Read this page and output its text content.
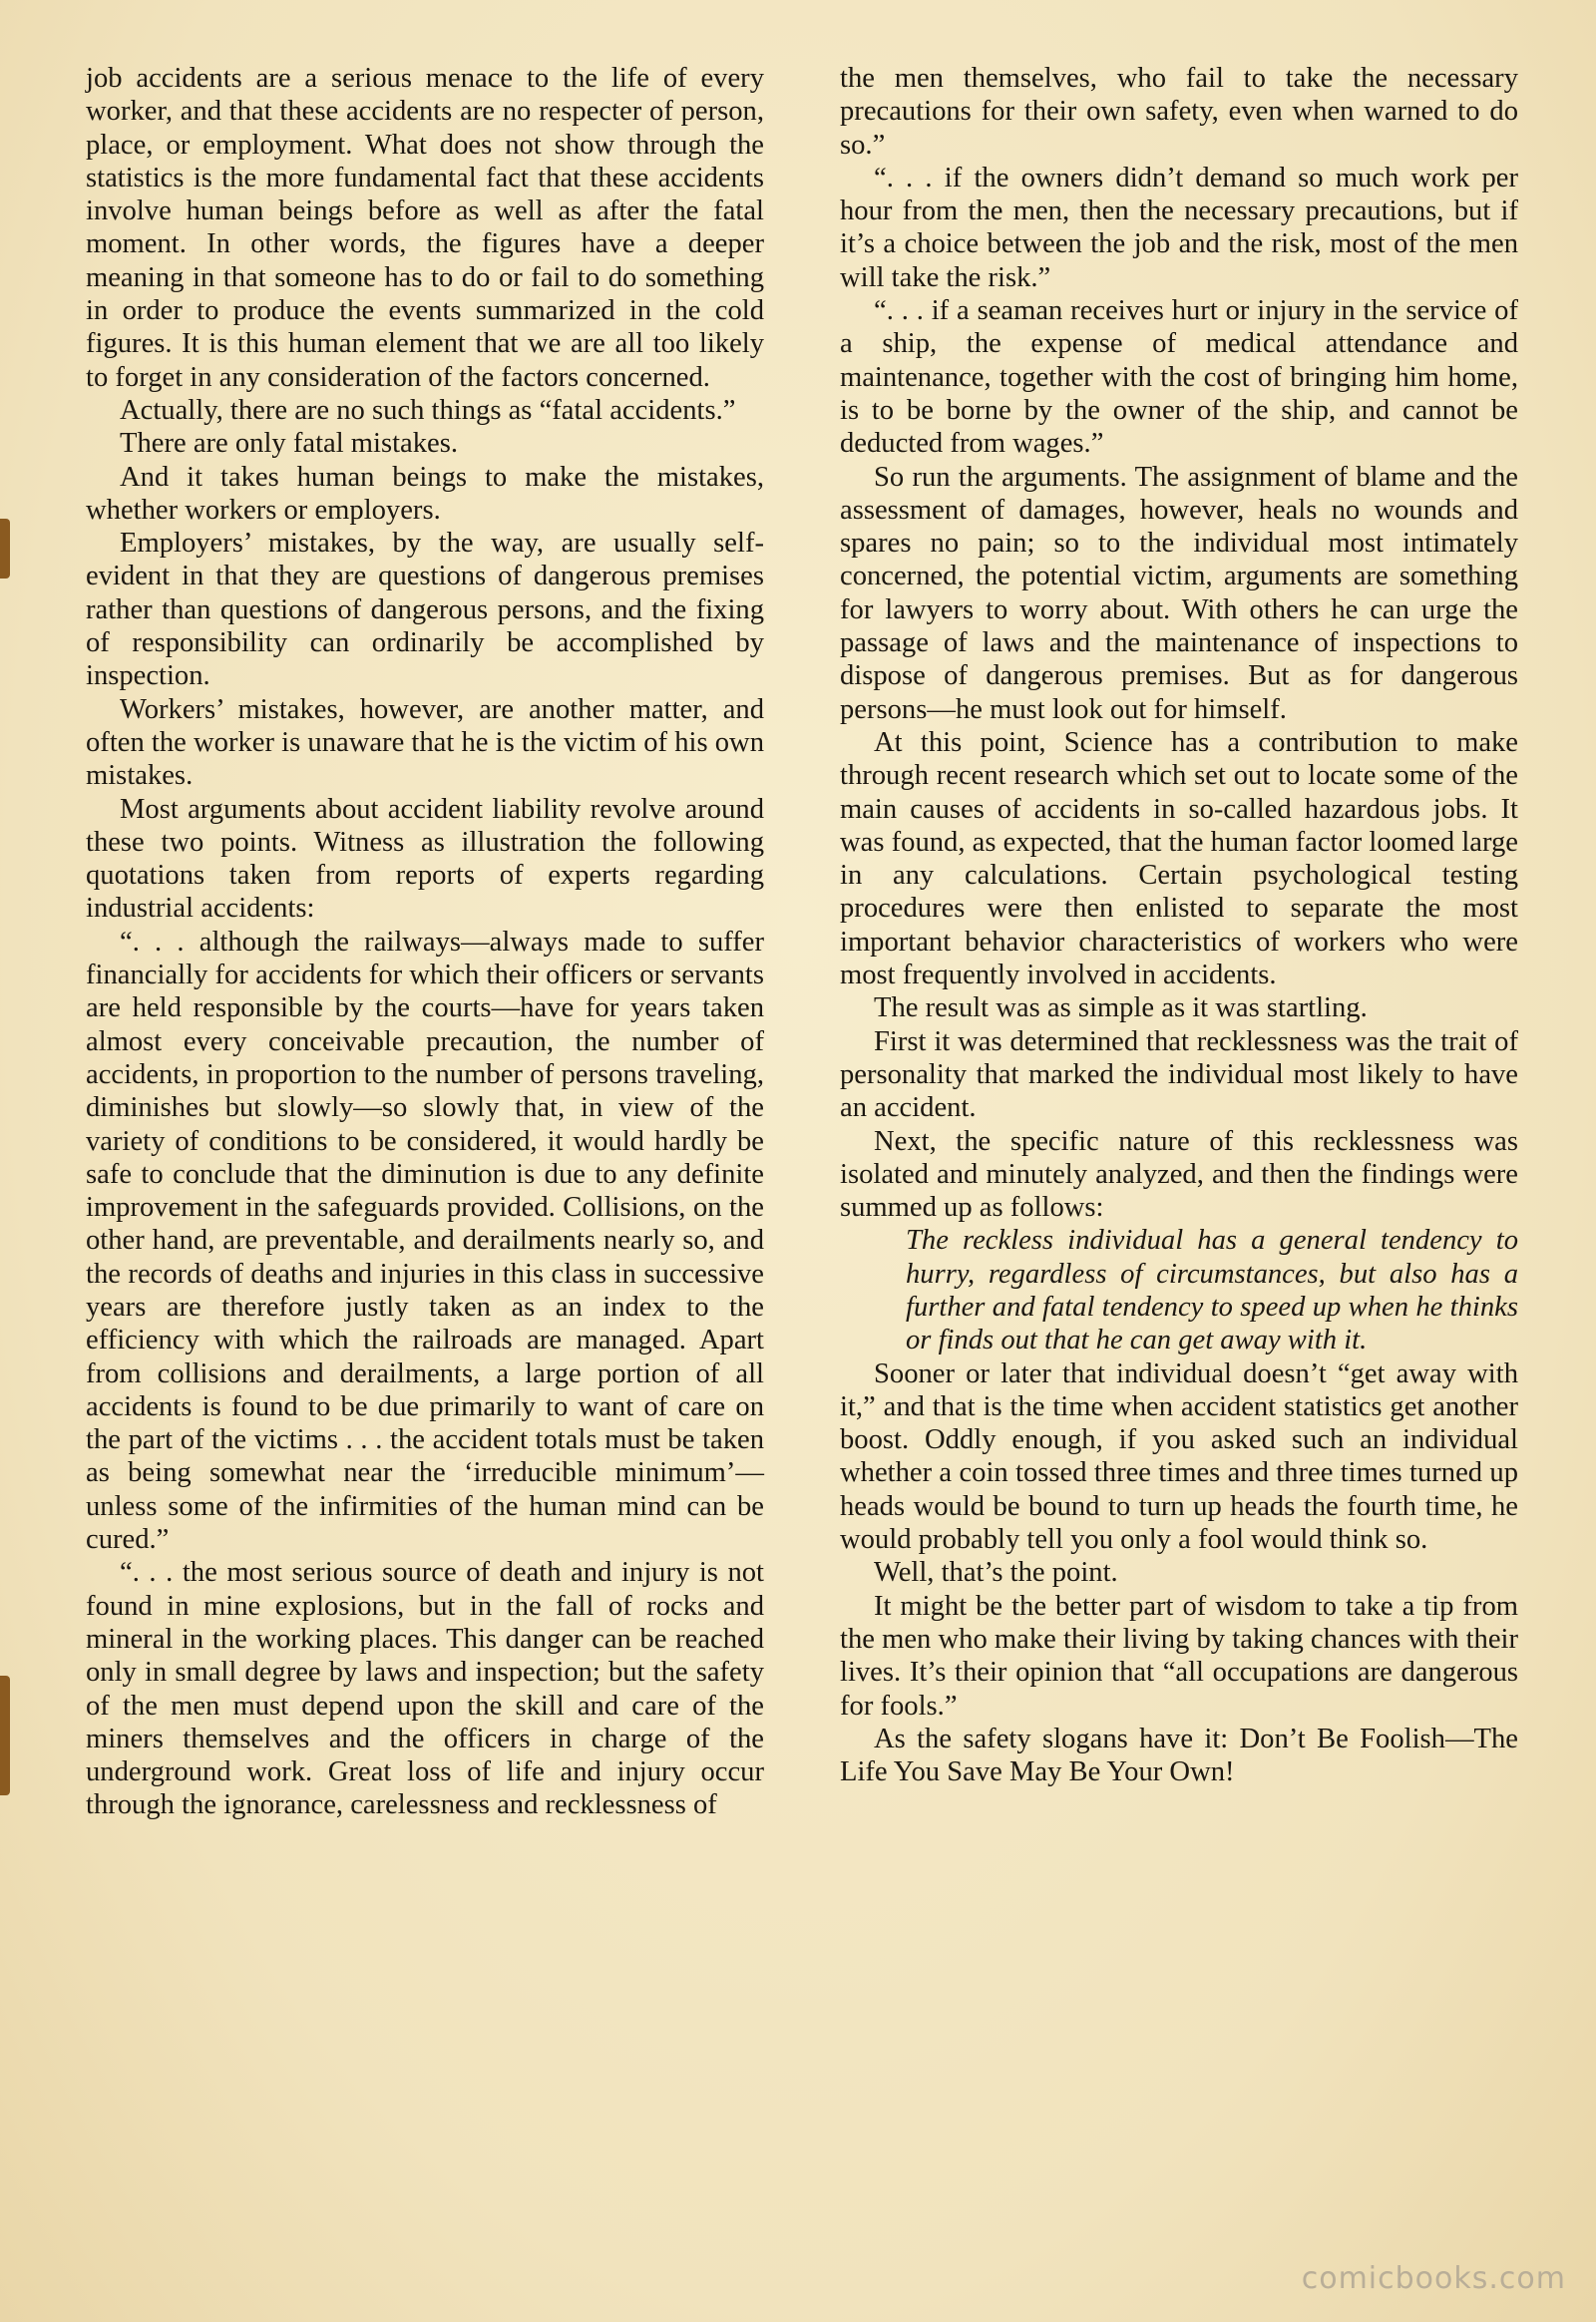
job accidents are a serious menace to the life of every worker, and that these accidents are no respecter of person, place, or employment. What does not show through the statistics is the more fundamental fact that these accidents involve human beings before as well as after the fatal moment. In other words, the figures have a deeper meaning in that someone has to do or fail to do something in order to produce the events summarized in the cold figures. It is this human element that we are all too likely to forget in any consideration of the factors concerned.

Actually, there are no such things as “fatal accidents.”

There are only fatal mistakes.

And it takes human beings to make the mistakes, whether workers or employers.

Employers’ mistakes, by the way, are usually self-evident in that they are questions of dangerous premises rather than questions of dangerous persons, and the fixing of responsibility can ordinarily be accomplished by inspection.

Workers’ mistakes, however, are another matter, and often the worker is unaware that he is the victim of his own mistakes.

Most arguments about accident liability revolve around these two points. Witness as illustration the following quotations taken from reports of experts regarding industrial accidents:

“. . . although the railways—always made to suffer financially for accidents for which their officers or servants are held responsible by the courts—have for years taken almost every conceivable precaution, the number of accidents, in proportion to the number of persons traveling, diminishes but slowly—so slowly that, in view of the variety of conditions to be considered, it would hardly be safe to conclude that the diminution is due to any definite improvement in the safeguards provided. Collisions, on the other hand, are preventable, and derailments nearly so, and the records of deaths and injuries in this class in successive years are therefore justly taken as an index to the efficiency with which the railroads are managed. Apart from collisions and derailments, a large portion of all accidents is found to be due primarily to want of care on the part of the victims . . . the accident totals must be taken as being somewhat near the ‘irreducible minimum’—unless some of the infirmities of the human mind can be cured.”

“. . . the most serious source of death and injury is not found in mine explosions, but in the fall of rocks and mineral in the working places. This danger can be reached only in small degree by laws and inspection; but the safety of the men must depend upon the skill and care of the miners themselves and the officers in charge of the underground work. Great loss of life and injury occur through the ignorance, carelessness and recklessness of

the men themselves, who fail to take the necessary precautions for their own safety, even when warned to do so.”

“. . . if the owners didn’t demand so much work per hour from the men, then the necessary precautions, but if it’s a choice between the job and the risk, most of the men will take the risk.”

“. . . if a seaman receives hurt or injury in the service of a ship, the expense of medical attendance and maintenance, together with the cost of bringing him home, is to be borne by the owner of the ship, and cannot be deducted from wages.”

So run the arguments. The assignment of blame and the assessment of damages, however, heals no wounds and spares no pain; so to the individual most intimately concerned, the potential victim, arguments are something for lawyers to worry about. With others he can urge the passage of laws and the maintenance of inspections to dispose of dangerous premises. But as for dangerous persons—he must look out for himself.

At this point, Science has a contribution to make through recent research which set out to locate some of the main causes of accidents in so-called hazardous jobs. It was found, as expected, that the human factor loomed large in any calculations. Certain psychological testing procedures were then enlisted to separate the most important behavior characteristics of workers who were most frequently involved in accidents.

The result was as simple as it was startling.

First it was determined that recklessness was the trait of personality that marked the individual most likely to have an accident.

Next, the specific nature of this recklessness was isolated and minutely analyzed, and then the findings were summed up as follows:

The reckless individual has a general tendency to hurry, regardless of circumstances, but also has a further and fatal tendency to speed up when he thinks or finds out that he can get away with it.

Sooner or later that individual doesn’t “get away with it,” and that is the time when accident statistics get another boost. Oddly enough, if you asked such an individual whether a coin tossed three times and three times turned up heads would be bound to turn up heads the fourth time, he would probably tell you only a fool would think so.

Well, that’s the point.

It might be the better part of wisdom to take a tip from the men who make their living by taking chances with their lives. It’s their opinion that “all occupations are dangerous for fools.”

As the safety slogans have it: Don’t Be Foolish—The Life You Save May Be Your Own!

comicbooks.com
